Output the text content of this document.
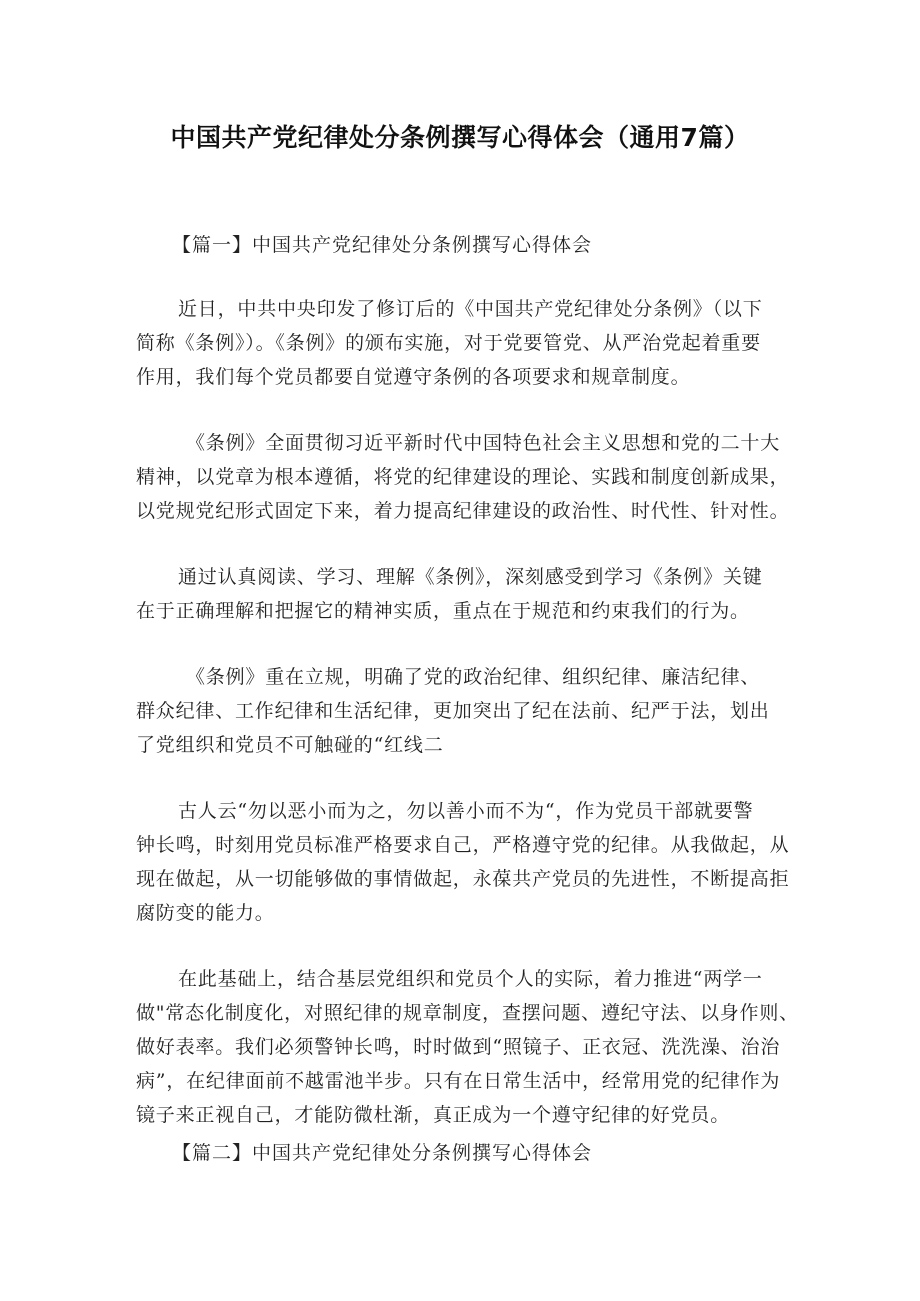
中国共产党纪律处分条例撰写心得体会（通用7篇）
【篇一】中国共产党纪律处分条例撰写心得体会
近日，中共中央印发了修订后的《中国共产党纪律处分条例》（以下
简称《条例》）。《条例》的颁布实施，对于党要管党、从严治党起着重要
作用，我们每个党员都要自觉遵守条例的各项要求和规章制度。
《条例》全面贯彻习近平新时代中国特色社会主义思想和党的二十大
精神，以党章为根本遵循，将党的纪律建设的理论、实践和制度创新成果，
以党规党纪形式固定下来，着力提高纪律建设的政治性、时代性、针对性。
通过认真阅读、学习、理解《条例》，深刻感受到学习《条例》关键
在于正确理解和把握它的精神实质，重点在于规范和约束我们的行为。
《条例》重在立规，明确了党的政治纪律、组织纪律、廉洁纪律、
群众纪律、工作纪律和生活纪律，更加突出了纪在法前、纪严于法，划出
了党组织和党员不可触碰的“红线二
古人云“勿以恶小而为之，勿以善小而不为“，作为党员干部就要警
钟长鸣，时刻用党员标准严格要求自己，严格遵守党的纪律。从我做起，从
现在做起，从一切能够做的事情做起，永葆共产党员的先进性，不断提高拒
腐防变的能力。
在此基础上，结合基层党组织和党员个人的实际，着力推进“两学一
做"常态化制度化，对照纪律的规章制度，查摆问题、遵纪守法、以身作则、
做好表率。我们必须警钟长鸣，时时做到“照镜子、正衣冠、洗洗澡、治治
病”，在纪律面前不越雷池半步。只有在日常生活中，经常用党的纪律作为
镜子来正视自己，才能防微杜渐，真正成为一个遵守纪律的好党员。
【篇二】中国共产党纪律处分条例撰写心得体会
